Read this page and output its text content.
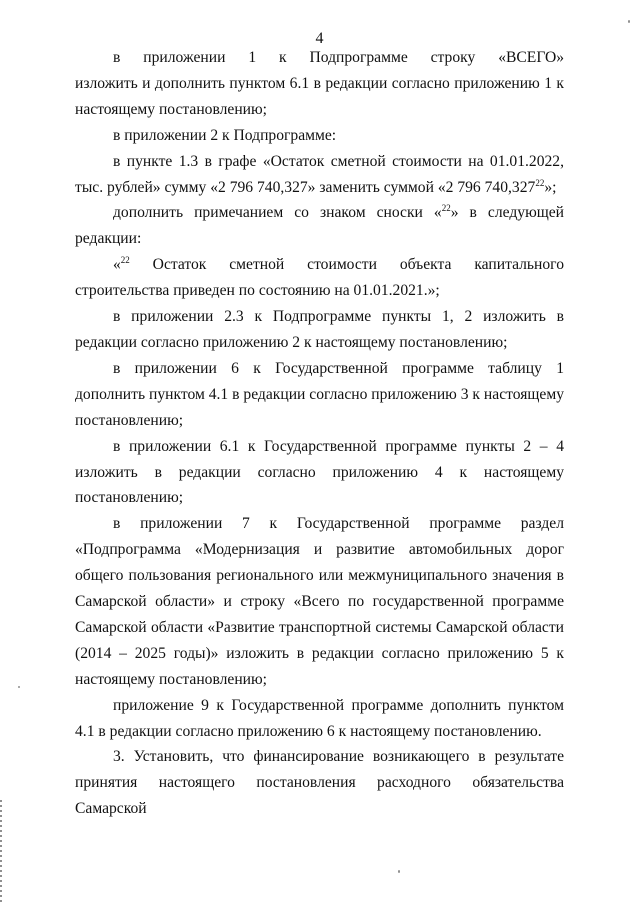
4

в приложении 1 к Подпрограмме строку «ВСЕГО»

изложить и дополнить пунктом 6.1 в редакции согласно приложению 1 к настоящему постановлению;

в приложении 2 к Подпрограмме:

в пункте 1.3 в графе «Остаток сметной стоимости на 01.01.2022, тыс. рублей» сумму «2 796 740,327» заменить суммой «2 796 740,327$^{22}$»;

дополнить примечанием со знаком сноски «$^{22}$» в следующей редакции:

«$^{22}$ Остаток сметной стоимости объекта капитального строительства приведен по состоянию на 01.01.2021.»;

в приложении 2.3 к Подпрограмме пункты 1, 2 изложить в редакции согласно приложению 2 к настоящему постановлению;

в приложении 6 к Государственной программе таблицу 1 дополнить пунктом 4.1 в редакции согласно приложению 3 к настоящему постановлению;

в приложении 6.1 к Государственной программе пункты 2 – 4 изложить в редакции согласно приложению 4 к настоящему постановлению;

в приложении 7 к Государственной программе раздел

«Подпрограмма «Модернизация и развитие автомобильных дорог общего пользования регионального или межмуниципального значения в Самарской области» и строку «Всего по государственной программе Самарской области «Развитие транспортной системы Самарской области (2014 – 2025 годы)» изложить в редакции согласно приложению 5 к настоящему постановлению;

приложение 9 к Государственной программе дополнить пунктом 4.1 в редакции согласно приложению 6 к настоящему постановлению.

3. Установить, что финансирование возникающего в результате принятия настоящего постановления расходного обязательства Самарской
